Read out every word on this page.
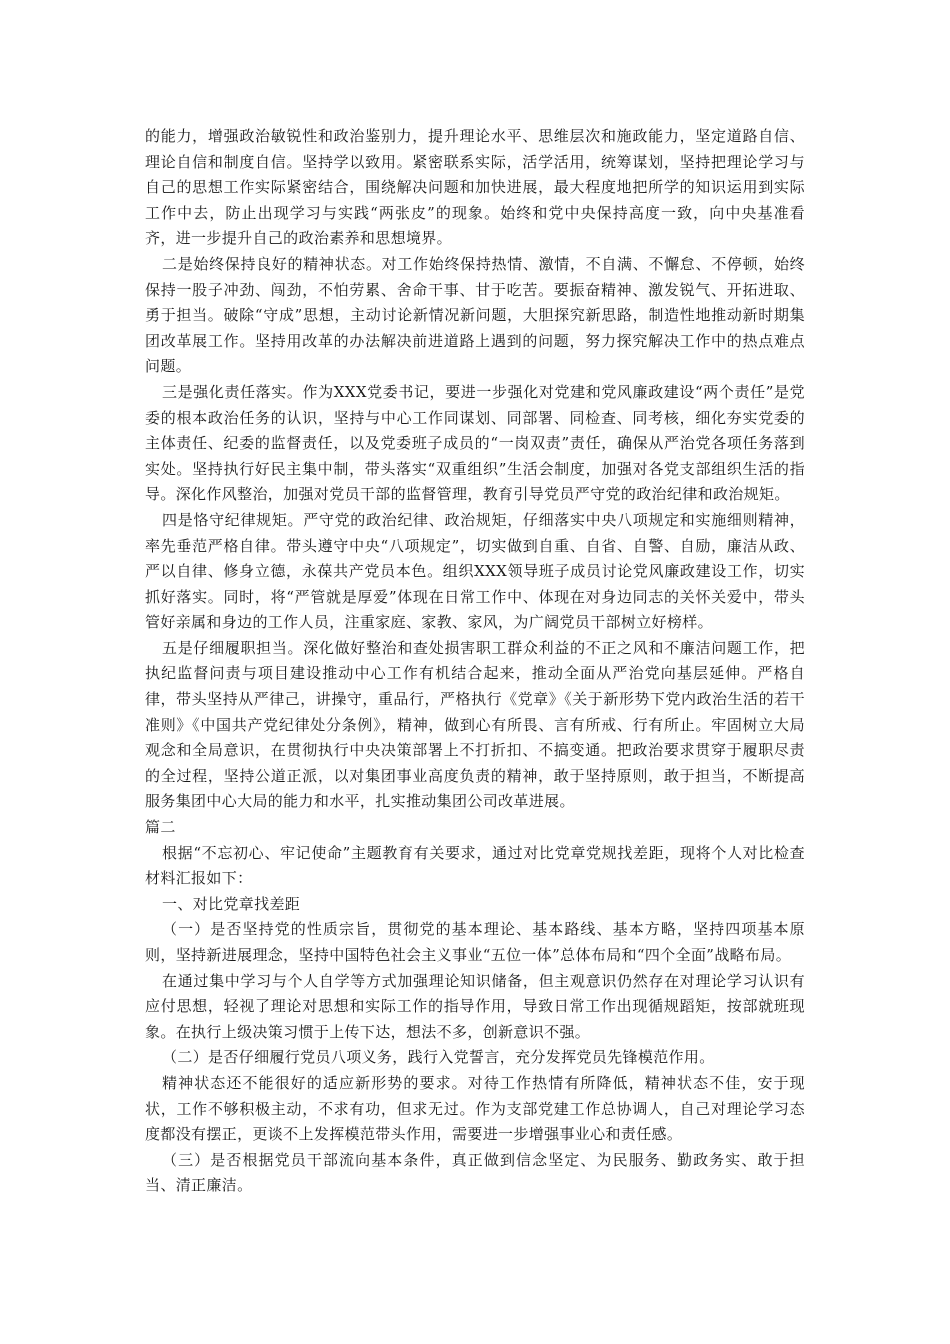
的能力，增强政治敏锐性和政治鉴别力，提升理论水平、思维层次和施政能力，坚定道路自信、理论自信和制度自信。坚持学以致用。紧密联系实际，活学活用，统筹谋划，坚持把理论学习与自己的思想工作实际紧密结合，围绕解决问题和加快进展，最大程度地把所学的知识运用到实际工作中去，防止出现学习与实践“两张皮”的现象。始终和党中央保持高度一致，向中央基准看齐，进一步提升自己的政治素养和思想境界。

二是始终保持良好的精神状态。对工作始终保持热情、激情，不自满、不懈怠、不停顿，始终保持一股子冲劲、闯劲，不怕劳累、舍命干事、甘于吃苦。要振奋精神、激发锐气、开拓进取、勇于担当。破除“守成”思想，主动讨论新情况新问题，大胆探究新思路，制造性地推动新时期集团改革展工作。坚持用改革的办法解决前进道路上遇到的问题，努力探究解决工作中的热点难点问题。

三是强化责任落实。作为XXX党委书记，要进一步强化对党建和党风廉政建设“两个责任”是党委的根本政治任务的认识，坚持与中心工作同谋划、同部署、同检查、同考核，细化夯实党委的主体责任、纪委的监督责任，以及党委班子成员的“一岗双责”责任，确保从严治党各项任务落到实处。坚持执行好民主集中制，带头落实“双重组织”生活会制度，加强对各党支部组织生活的指导。深化作风整治，加强对党员干部的监督管理，教育引导党员严守党的政治纪律和政治规矩。

四是恪守纪律规矩。严守党的政治纪律、政治规矩，仔细落实中央八项规定和实施细则精神，率先垂范严格自律。带头遵守中央“八项规定”，切实做到自重、自省、自警、自励，廉洁从政、严以自律、修身立德，永葆共产党员本色。组织XXX领导班子成员讨论党风廉政建设工作，切实抓好落实。同时，将“严管就是厚爱”体现在日常工作中、体现在对身边同志的关怀关爱中，带头管好亲属和身边的工作人员，注重家庭、家教、家风，为广阔党员干部树立好榜样。

五是仔细履职担当。深化做好整治和查处损害职工群众利益的不正之风和不廉洁问题工作，把执纪监督问责与项目建设推动中心工作有机结合起来，推动全面从严治党向基层延伸。严格自律，带头坚持从严律己，讲操守，重品行，严格执行《党章》《关于新形势下党内政治生活的若干准则》《中国共产党纪律处分条例》，精神，做到心有所畏、言有所戒、行有所止。牢固树立大局观念和全局意识，在贯彻执行中央决策部署上不打折扣、不搞变通。把政治要求贯穿于履职尽责的全过程，坚持公道正派，以对集团事业高度负责的精神，敢于坚持原则，敢于担当，不断提高服务集团中心大局的能力和水平，扎实推动集团公司改革进展。

篇二

根据“不忘初心、牢记使命”主题教育有关要求，通过对比党章党规找差距，现将个人对比检查材料汇报如下：

一、对比党章找差距

（一）是否坚持党的性质宗旨，贯彻党的基本理论、基本路线、基本方略，坚持四项基本原则，坚持新进展理念，坚持中国特色社会主义事业“五位一体”总体布局和“四个全面”战略布局。

在通过集中学习与个人自学等方式加强理论知识储备，但主观意识仍然存在对理论学习认识有应付思想，轻视了理论对思想和实际工作的指导作用，导致日常工作出现循规蹈矩，按部就班现象。在执行上级决策习惯于上传下达，想法不多，创新意识不强。

（二）是否仔细履行党员八项义务，践行入党誓言，充分发挥党员先锋模范作用。

精神状态还不能很好的适应新形势的要求。对待工作热情有所降低，精神状态不佳，安于现状，工作不够积极主动，不求有功，但求无过。作为支部党建工作总协调人，自己对理论学习态度都没有摆正，更谈不上发挥模范带头作用，需要进一步增强事业心和责任感。

（三）是否根据党员干部流向基本条件，真正做到信念坚定、为民服务、勤政务实、敢于担当、清正廉洁。
